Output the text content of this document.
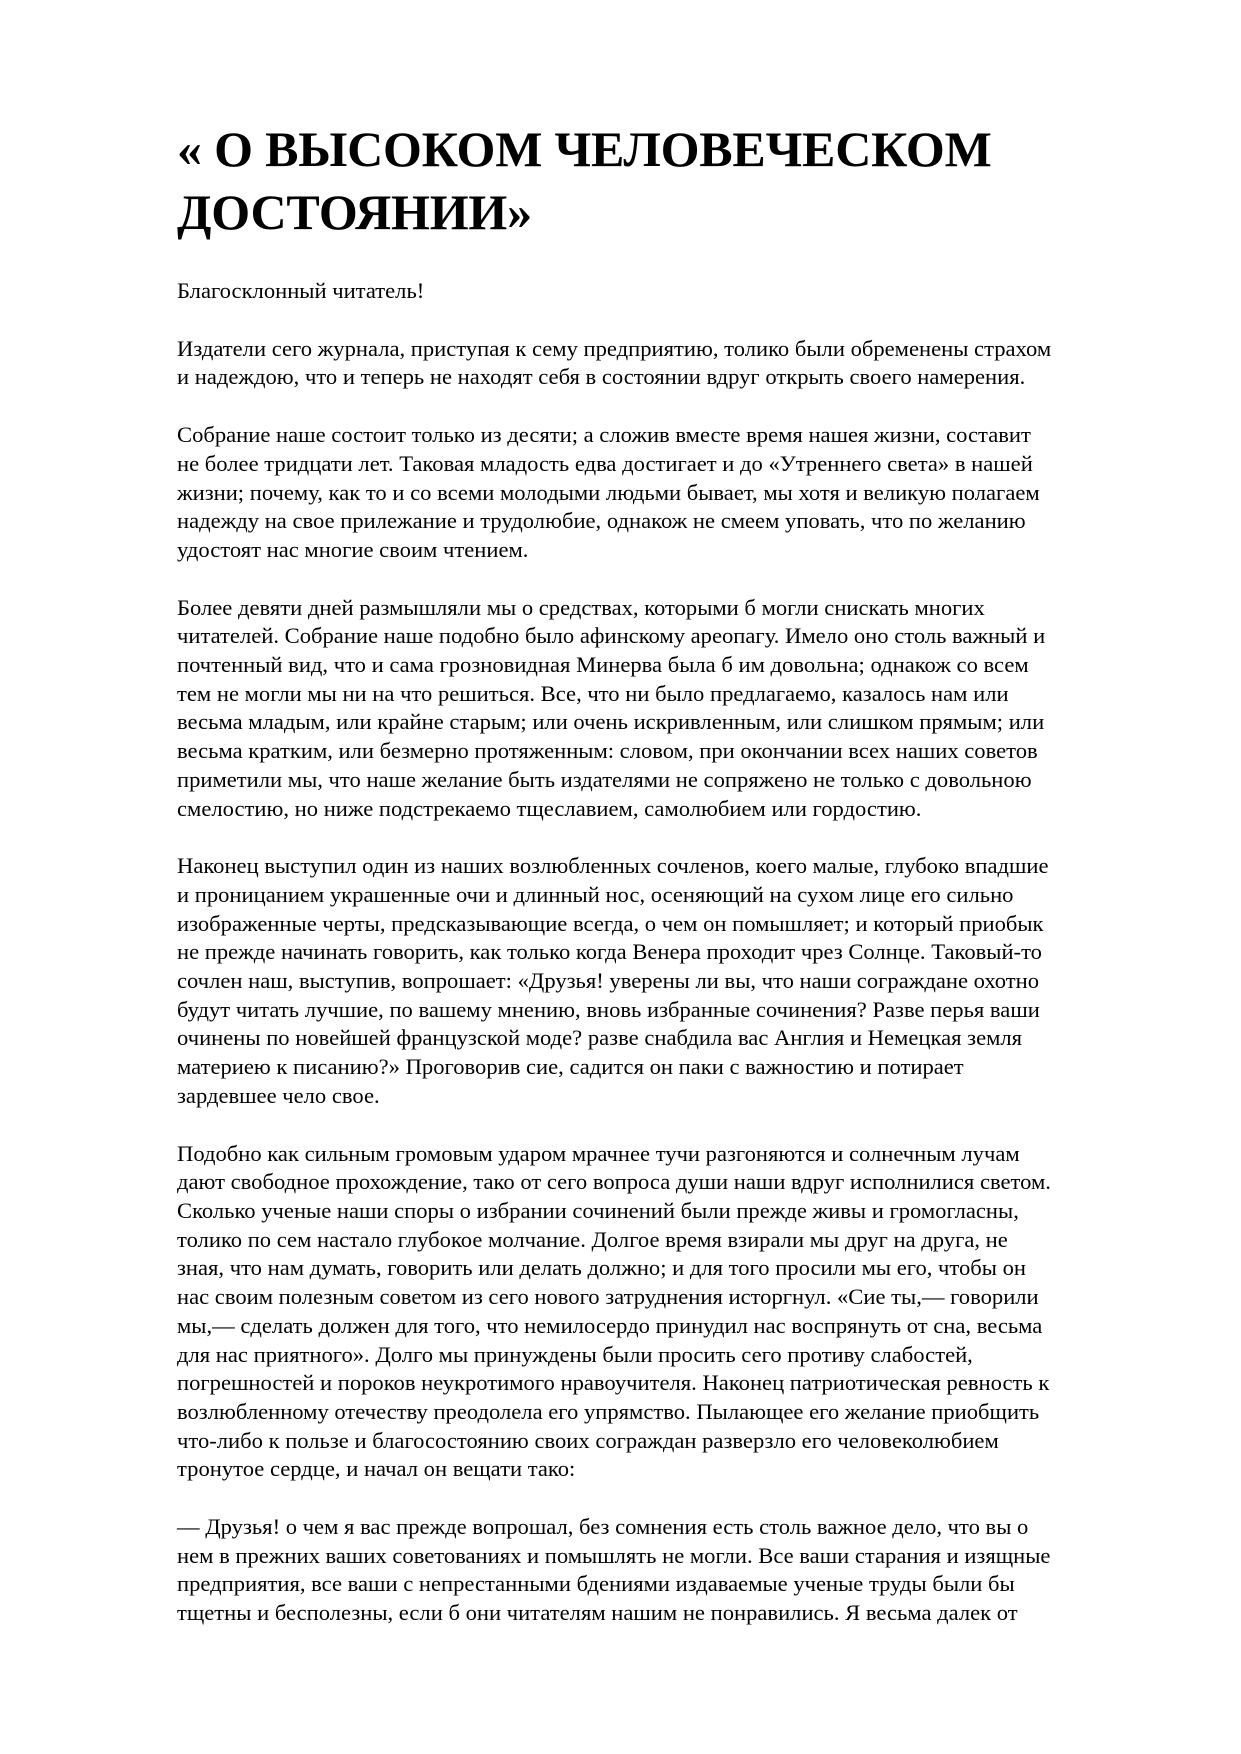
« О ВЫСОКОМ ЧЕЛОВЕЧЕСКОМ
ДОСТОЯНИИ»

Благосклонный читатель!

Издатели сего журнала, приступая к сему предприятию, толико были обременены страхом
и надеждою, что и теперь не находят себя в состоянии вдруг открыть своего намерения.

Собрание наше состоит только из десяти; а сложив вместе время нашея жизни, составит
не более тридцати лет. Таковая младость едва достигает и до «Утреннего света» в нашей
жизни; почему, как то и со всеми молодыми людьми бывает, мы хотя и великую полагаем
надежду на свое прилежание и трудолюбие, однакож не смеем уповать, что по желанию
удостоят нас многие своим чтением.

Более девяти дней размышляли мы о средствах, которыми б могли снискать многих
читателей. Собрание наше подобно было афинскому ареопагу. Имело оно столь важный и
почтенный вид, что и сама грозновидная Минерва была б им довольна; однакож со всем
тем не могли мы ни на что решиться. Все, что ни было предлагаемо, казалось нам или
весьма младым, или крайне старым; или очень искривленным, или слишком прямым; или
весьма кратким, или безмерно протяженным: словом, при окончании всех наших советов
приметили мы, что наше желание быть издателями не сопряжено не только с довольною
смелостию, но ниже подстрекаемо тщеславием, самолюбием или гордостию.

Наконец выступил один из наших возлюбленных сочленов, коего малые, глубоко впадшие
и проницанием украшенные очи и длинный нос, осеняющий на сухом лице его сильно
изображенные черты, предсказывающие всегда, о чем он помышляет; и который приобык
не прежде начинать говорить, как только когда Венера проходит чрез Солнце. Таковый-то
сочлен наш, выступив, вопрошает: «Друзья! уверены ли вы, что наши сограждане охотно
будут читать лучшие, по вашему мнению, вновь избранные сочинения? Разве перья ваши
очинены по новейшей французской моде? разве снабдила вас Англия и Немецкая земля
материею к писанию?» Проговорив сие, садится он паки с важностию и потирает
зардевшее чело свое.

Подобно как сильным громовым ударом мрачнее тучи разгоняются и солнечным лучам
дают свободное прохождение, тако от сего вопроса души наши вдруг исполнилися светом.
Сколько ученые наши споры о избрании сочинений были прежде живы и громогласны,
толико по сем настало глубокое молчание. Долгое время взирали мы друг на друга, не
зная, что нам думать, говорить или делать должно; и для того просили мы его, чтобы он
нас своим полезным советом из сего нового затруднения исторгнул. «Сие ты,— говорили
мы,— сделать должен для того, что немилосердо принудил нас воспрянуть от сна, весьма
для нас приятного». Долго мы принуждены были просить сего противу слабостей,
погрешностей и пороков неукротимого нравоучителя. Наконец патриотическая ревность к
возлюбленному отечеству преодолела его упрямство. Пылающее его желание приобщить
что-либо к пользе и благосостоянию своих сограждан разверзло его человеколюбием
тронутое сердце, и начал он вещати тако:

— Друзья! о чем я вас прежде вопрошал, без сомнения есть столь важное дело, что вы о
нем в прежних ваших советованиях и помышлять не могли. Все ваши старания и изящные
предприятия, все ваши с непрестанными бдениями издаваемые ученые труды были бы
тщетны и бесполезны, если б они читателям нашим не понравились. Я весьма далек от
